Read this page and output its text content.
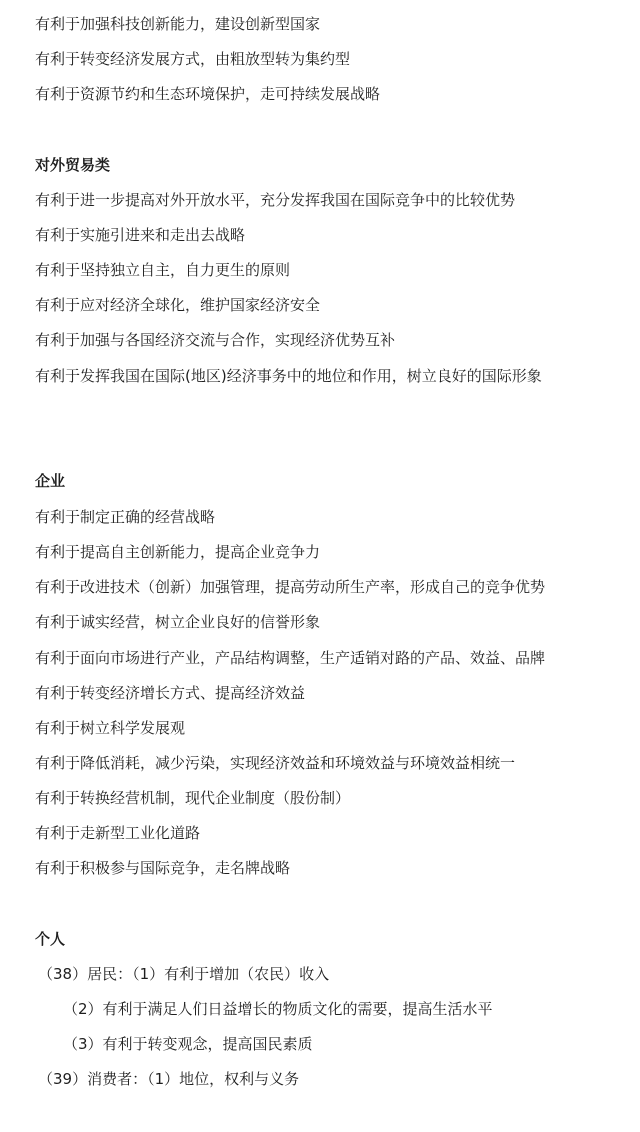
有利于加强科技创新能力，建设创新型国家
有利于转变经济发展方式，由粗放型转为集约型
有利于资源节约和生态环境保护，走可持续发展战略
对外贸易类
有利于进一步提高对外开放水平，充分发挥我国在国际竞争中的比较优势
有利于实施引进来和走出去战略
有利于坚持独立自主，自力更生的原则
有利于应对经济全球化，维护国家经济安全
有利于加强与各国经济交流与合作，实现经济优势互补
有利于发挥我国在国际(地区)经济事务中的地位和作用，树立良好的国际形象
企业
有利于制定正确的经营战略
有利于提高自主创新能力，提高企业竞争力
有利于改进技术（创新）加强管理，提高劳动所生产率，形成自己的竞争优势
有利于诚实经营，树立企业良好的信誉形象
有利于面向市场进行产业，产品结构调整，生产适销对路的产品、效益、品牌
有利于转变经济增长方式、提高经济效益
有利于树立科学发展观
有利于降低消耗，减少污染，实现经济效益和环境效益与环境效益相统一
有利于转换经营机制，现代企业制度（股份制）
有利于走新型工业化道路
有利于积极参与国际竞争，走名牌战略
个人
（38）居民：（1）有利于增加（农民）收入
（2）有利于满足人们日益增长的物质文化的需要，提高生活水平
（3）有利于转变观念，提高国民素质
（39）消费者：（1）地位，权利与义务
